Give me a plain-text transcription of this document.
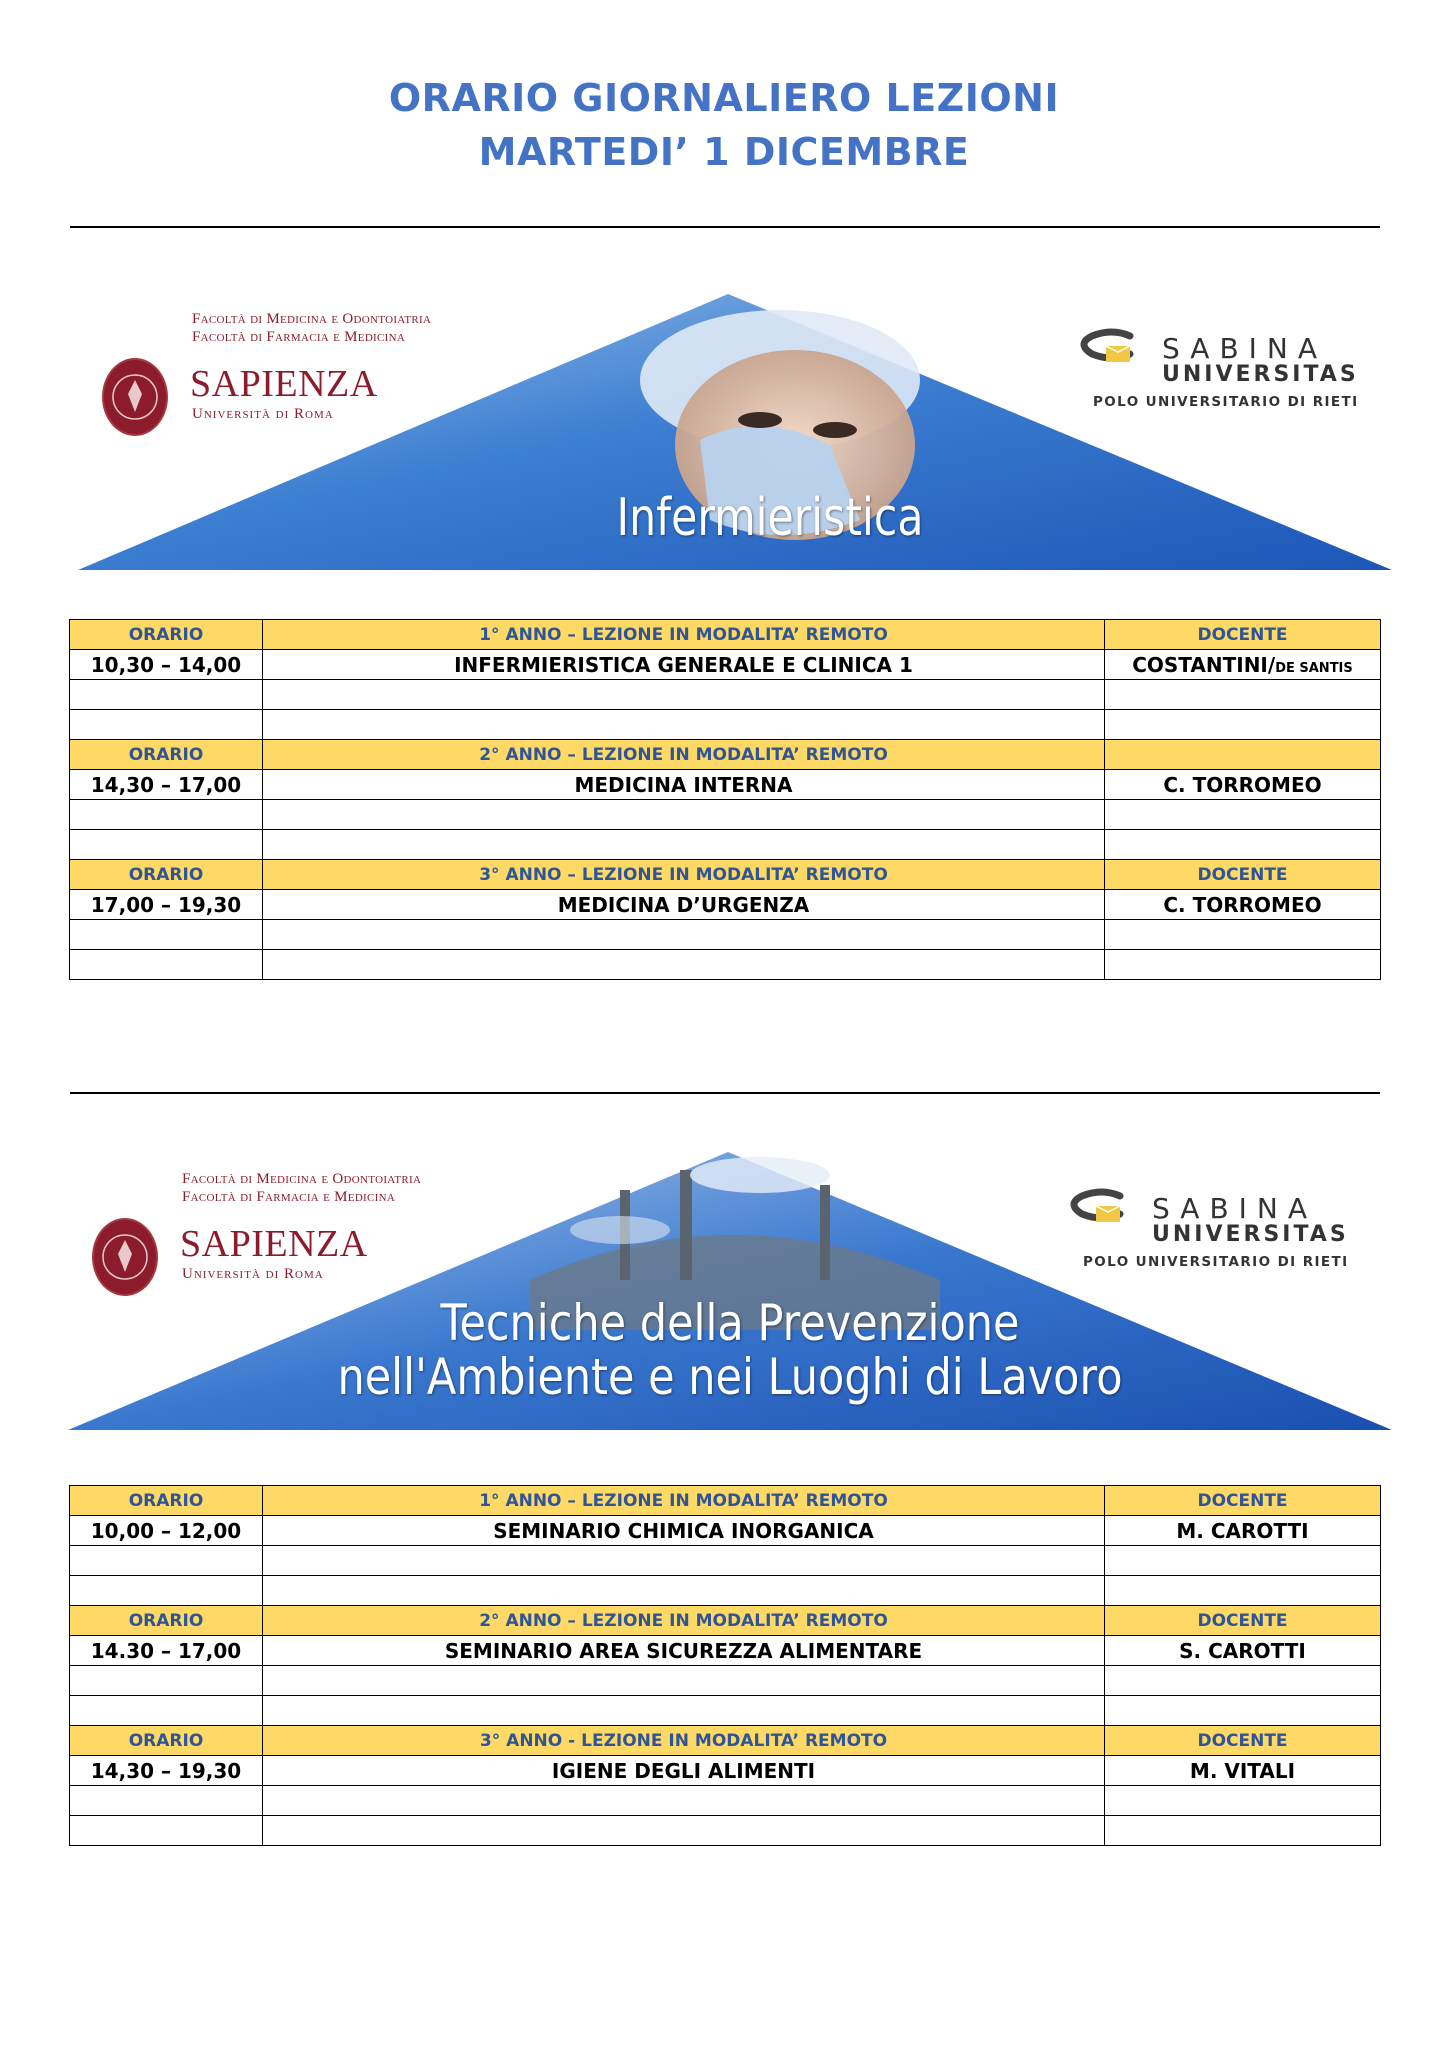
ORARIO GIORNALIERO LEZIONI
MARTEDI’ 1 DICEMBRE
Facoltà di Medicina e Odontoiatria
Facoltà di Farmacia e Medicina
SAPIENZA
Università di Roma
SABINA
UNIVERSITAS
POLO UNIVERSITARIO DI RIETI
Infermieristica
ORARIO	1° ANNO – LEZIONE IN MODALITA’ REMOTO	DOCENTE
10,30 – 14,00	INFERMIERISTICA GENERALE E CLINICA 1	COSTANTINI/DE SANTIS

ORARIO	2° ANNO – LEZIONE IN MODALITA’ REMOTO	
14,30 – 17,00	MEDICINA INTERNA	C. TORROMEO

ORARIO	3° ANNO – LEZIONE IN MODALITA’ REMOTO	DOCENTE
17,00 – 19,30	MEDICINA D’URGENZA	C. TORROMEO

Facoltà di Medicina e Odontoiatria
Facoltà di Farmacia e Medicina
SAPIENZA
Università di Roma
SABINA
UNIVERSITAS
POLO UNIVERSITARIO DI RIETI
Tecniche della Prevenzione
nell'Ambiente e nei Luoghi di Lavoro
ORARIO	1° ANNO – LEZIONE IN MODALITA’ REMOTO	DOCENTE
10,00 – 12,00	SEMINARIO CHIMICA INORGANICA	M. CAROTTI

ORARIO	2° ANNO – LEZIONE IN MODALITA’ REMOTO	DOCENTE
14.30 – 17,00	SEMINARIO AREA SICUREZZA ALIMENTARE	S. CAROTTI

ORARIO	3° ANNO - LEZIONE IN MODALITA’ REMOTO	DOCENTE
14,30 – 19,30	IGIENE DEGLI ALIMENTI	M. VITALI
